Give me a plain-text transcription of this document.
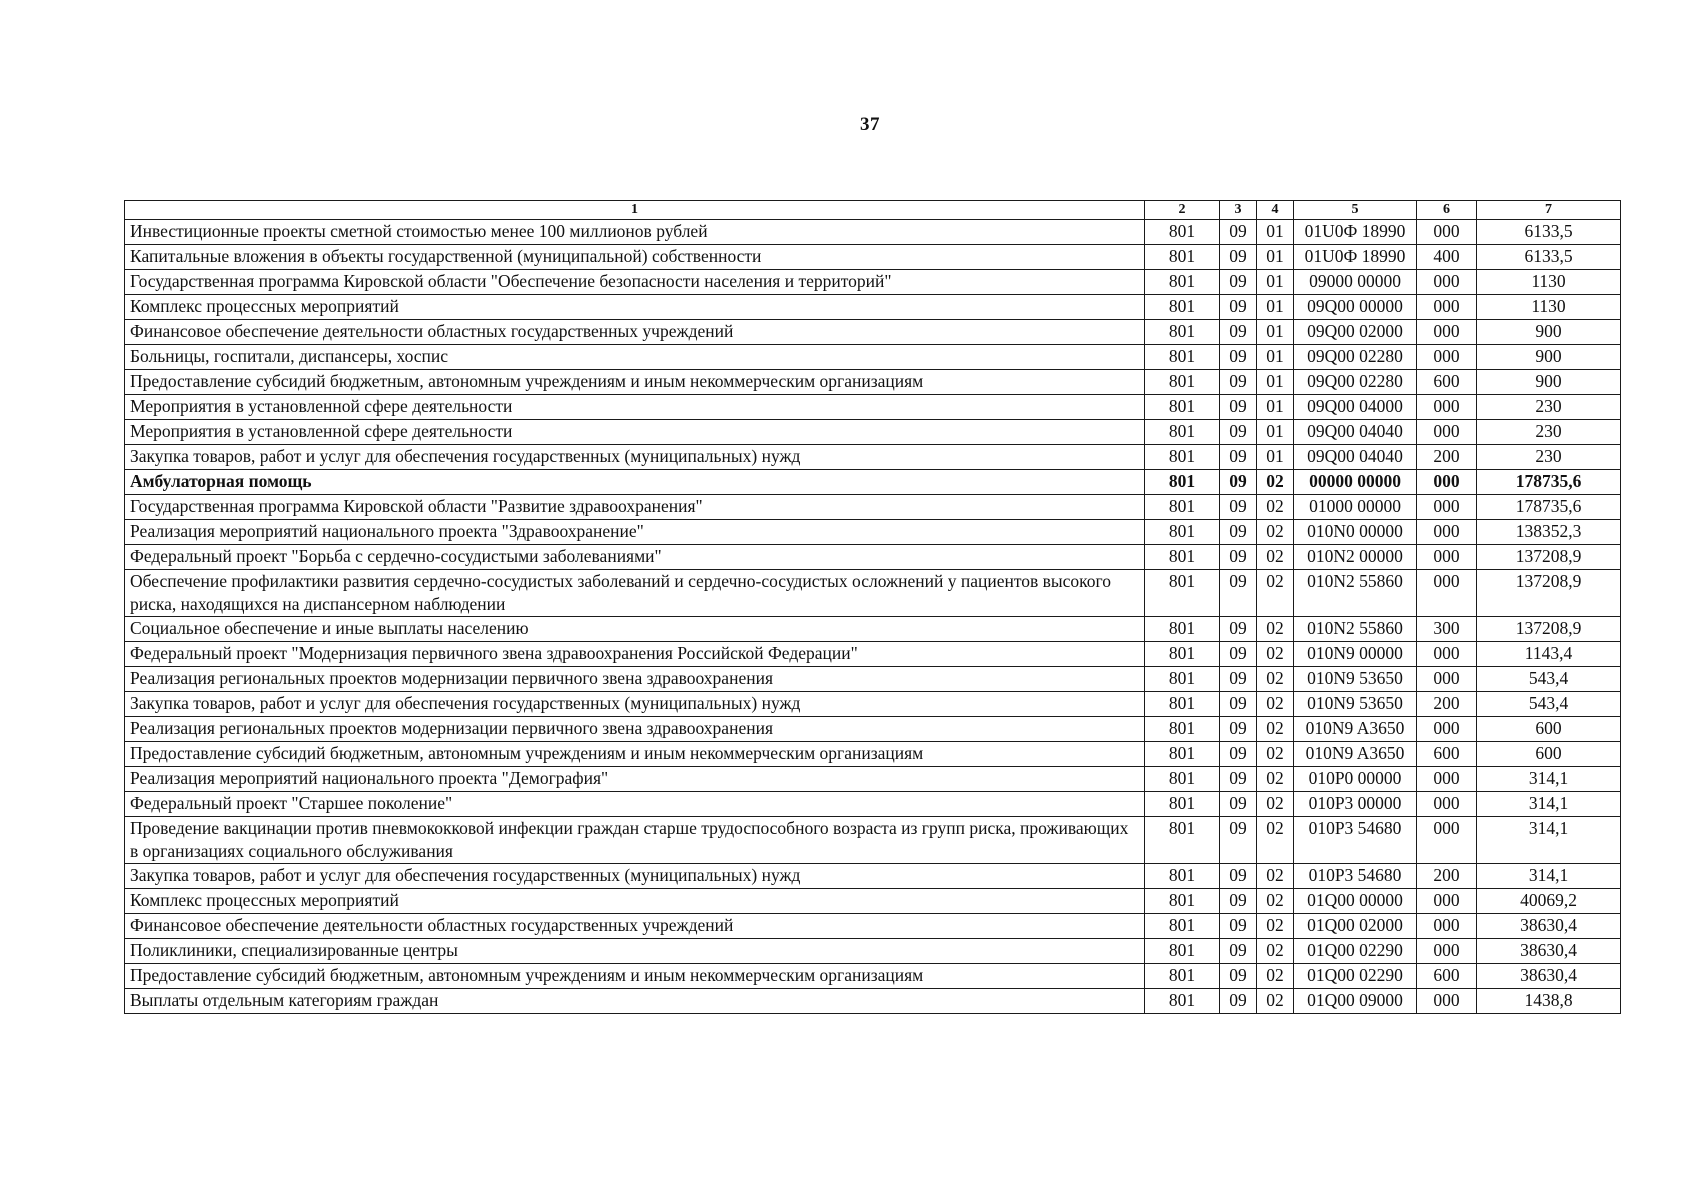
37
1	2	3	4	5	6	7
Инвестиционные проекты сметной стоимостью менее 100 миллионов рублей	801	09	01	01U0Ф 18990	000	6133,5
Капитальные вложения в объекты государственной (муниципальной) собственности	801	09	01	01U0Ф 18990	400	6133,5
Государственная программа Кировской области "Обеспечение безопасности населения и территорий"	801	09	01	09000 00000	000	1130
Комплекс процессных мероприятий	801	09	01	09Q00 00000	000	1130
Финансовое обеспечение деятельности областных государственных учреждений	801	09	01	09Q00 02000	000	900
Больницы, госпитали, диспансеры, хоспис	801	09	01	09Q00 02280	000	900
Предоставление субсидий бюджетным, автономным учреждениям и иным некоммерческим организациям	801	09	01	09Q00 02280	600	900
Мероприятия в установленной сфере деятельности	801	09	01	09Q00 04000	000	230
Мероприятия в установленной сфере деятельности	801	09	01	09Q00 04040	000	230
Закупка товаров, работ и услуг для обеспечения государственных (муниципальных) нужд	801	09	01	09Q00 04040	200	230
Амбулаторная помощь	801	09	02	00000 00000	000	178735,6
Государственная программа Кировской области "Развитие здравоохранения"	801	09	02	01000 00000	000	178735,6
Реализация мероприятий национального проекта "Здравоохранение"	801	09	02	010N0 00000	000	138352,3
Федеральный проект "Борьба с сердечно-сосудистыми заболеваниями"	801	09	02	010N2 00000	000	137208,9
Обеспечение профилактики развития сердечно-сосудистых заболеваний и сердечно-сосудистых осложнений у пациентов высокого риска, находящихся на диспансерном наблюдении	801	09	02	010N2 55860	000	137208,9
Социальное обеспечение и иные выплаты населению	801	09	02	010N2 55860	300	137208,9
Федеральный проект "Модернизация первичного звена здравоохранения Российской Федерации"	801	09	02	010N9 00000	000	1143,4
Реализация региональных проектов модернизации первичного звена здравоохранения	801	09	02	010N9 53650	000	543,4
Закупка товаров, работ и услуг для обеспечения государственных (муниципальных) нужд	801	09	02	010N9 53650	200	543,4
Реализация региональных проектов модернизации первичного звена здравоохранения	801	09	02	010N9 A3650	000	600
Предоставление субсидий бюджетным, автономным учреждениям и иным некоммерческим организациям	801	09	02	010N9 A3650	600	600
Реализация мероприятий национального проекта "Демография"	801	09	02	010P0 00000	000	314,1
Федеральный проект "Старшее поколение"	801	09	02	010P3 00000	000	314,1
Проведение вакцинации против пневмококковой инфекции граждан старше трудоспособного возраста из групп риска, проживающих в организациях социального обслуживания	801	09	02	010P3 54680	000	314,1
Закупка товаров, работ и услуг для обеспечения государственных (муниципальных) нужд	801	09	02	010P3 54680	200	314,1
Комплекс процессных мероприятий	801	09	02	01Q00 00000	000	40069,2
Финансовое обеспечение деятельности областных государственных учреждений	801	09	02	01Q00 02000	000	38630,4
Поликлиники, специализированные центры	801	09	02	01Q00 02290	000	38630,4
Предоставление субсидий бюджетным, автономным учреждениям и иным некоммерческим организациям	801	09	02	01Q00 02290	600	38630,4
Выплаты отдельным категориям граждан	801	09	02	01Q00 09000	000	1438,8
